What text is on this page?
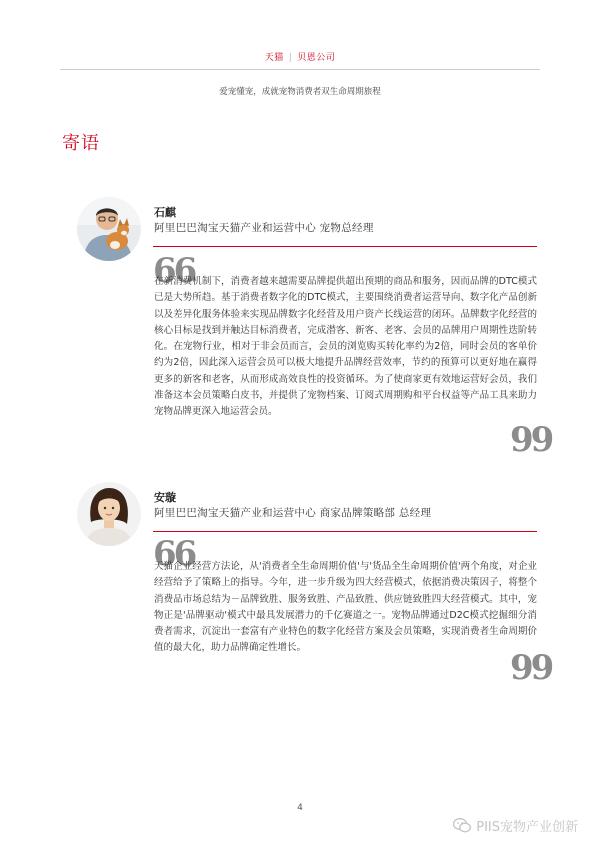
天猫 | 贝恩公司
爱宠懂宠，成就宠物消费者双生命周期旅程
寄语
石麒
阿里巴巴淘宝天猫产业和运营中心 宠物总经理
66

在新消费机制下，消费者越来越需要品牌提供超出预期的商品和服务，因而品牌的DTC模式已是大势所趋。基于消费者数字化的DTC模式，主要围绕消费者运营导向、数字化产品创新以及差异化服务体验来实现品牌数字化经营及用户资产长线运营的闭环。品牌数字化经营的核心目标是找到并触达目标消费者，完成潜客、新客、老客、会员的品牌用户周期性迭阶转化。在宠物行业，相对于非会员而言，会员的浏览购买转化率约为2倍，同时会员的客单价约为2倍，因此深入运营会员可以极大地提升品牌经营效率，节约的预算可以更好地在赢得更多的新客和老客，从而形成高效良性的投资循环。为了使商家更有效地运营好会员，我们准备这本会员策略白皮书，并提供了宠物档案、订阅式周期购和平台权益等产品工具来助力宠物品牌更深入地运营会员。

99
安璇
阿里巴巴淘宝天猫产业和运营中心 商家品牌策略部 总经理
66

天猫企业经营方法论，从'消费者全生命周期价值'与'货品全生命周期价值'两个角度，对企业经营给予了策略上的指导。今年，进一步升级为四大经营模式，依据消费决策因子，将整个消费品市场总结为－品牌致胜、服务致胜、产品致胜、供应链致胜四大经营模式。其中，宠物正是'品牌驱动'模式中最具发展潜力的千亿赛道之一。宠物品牌通过D2C模式挖掘细分消费者需求，沉淀出一套富有产业特色的数字化经营方案及会员策略，实现消费者生命周期价值的最大化，助力品牌确定性增长。

99
4
PIIS宠物产业创新
